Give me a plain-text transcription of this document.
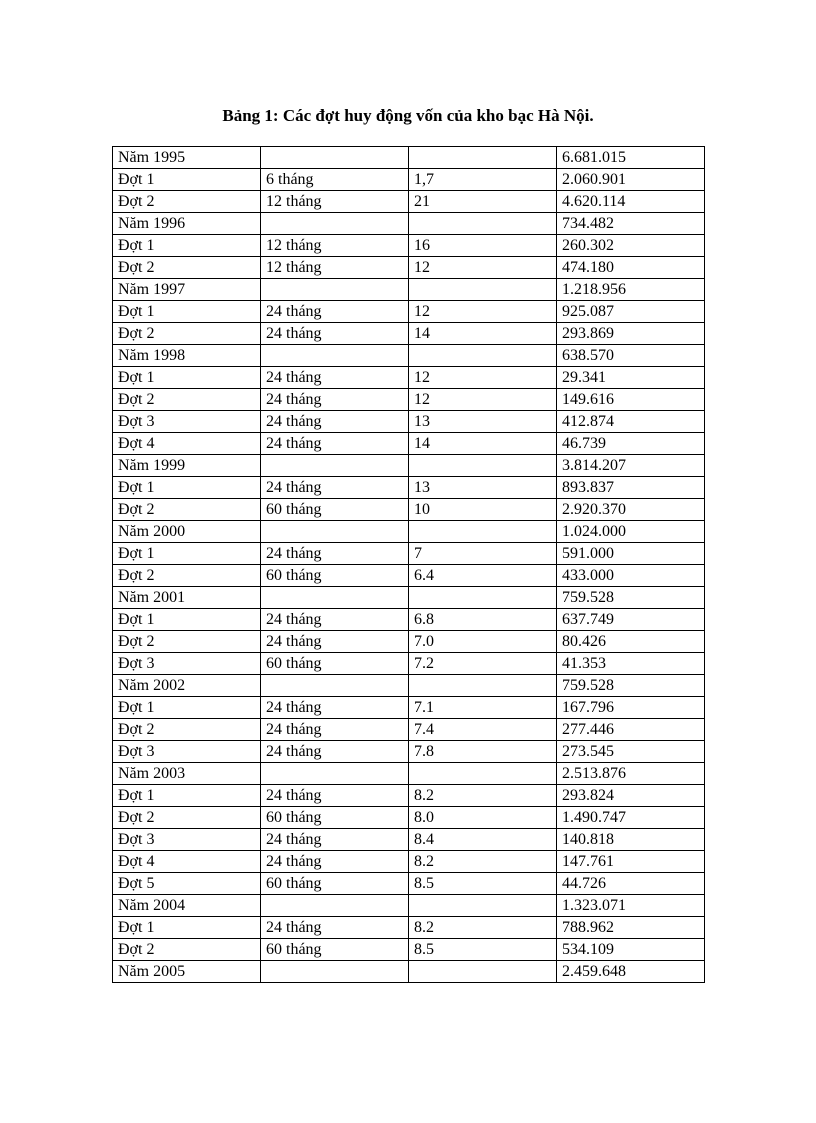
Bảng 1: Các đợt huy động vốn của kho bạc Hà Nội.
Năm 1995			6.681.015
Đợt 1	6 tháng	1,7	2.060.901
Đợt 2	12 tháng	21	4.620.114
Năm 1996			734.482
Đợt 1	12 tháng	16	260.302
Đợt 2	12 tháng	12	474.180
Năm 1997			1.218.956
Đợt 1	24 tháng	12	925.087
Đợt 2	24 tháng	14	293.869
Năm 1998			638.570
Đợt 1	24 tháng	12	29.341
Đợt 2	24 tháng	12	149.616
Đợt 3	24 tháng	13	412.874
Đợt 4	24 tháng	14	46.739
Năm 1999			3.814.207
Đợt 1	24 tháng	13	893.837
Đợt 2	60 tháng	10	2.920.370
Năm 2000			1.024.000
Đợt 1	24 tháng	7	591.000
Đợt 2	60 tháng	6.4	433.000
Năm 2001			759.528
Đợt 1	24 tháng	6.8	637.749
Đợt 2	24 tháng	7.0	80.426
Đợt 3	60 tháng	7.2	41.353
Năm 2002			759.528
Đợt 1	24 tháng	7.1	167.796
Đợt 2	24 tháng	7.4	277.446
Đợt 3	24 tháng	7.8	273.545
Năm 2003			2.513.876
Đợt 1	24 tháng	8.2	293.824
Đợt 2	60 tháng	8.0	1.490.747
Đợt 3	24 tháng	8.4	140.818
Đợt 4	24 tháng	8.2	147.761
Đợt 5	60 tháng	8.5	44.726
Năm 2004			1.323.071
Đợt 1	24 tháng	8.2	788.962
Đợt 2	60 tháng	8.5	534.109
Năm 2005			2.459.648
